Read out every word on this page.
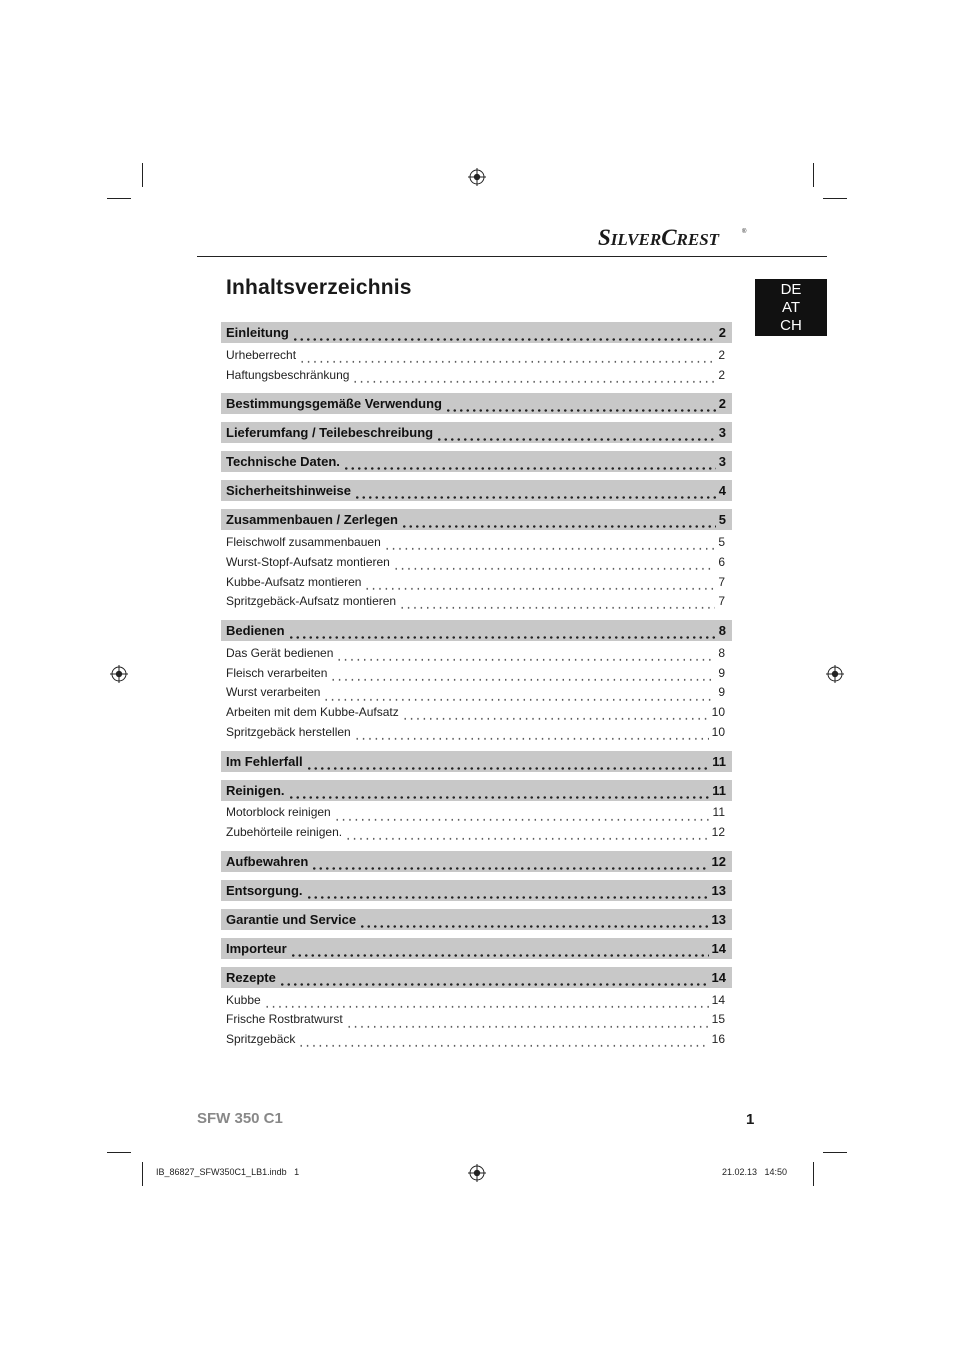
SILVERCREST	®
Inhaltsverzeichnis	DE
AT
CH
Einleitung	2
Urheberrecht	2
Haftungsbeschränkung	2
Bestimmungsgemäße Verwendung	2
Lieferumfang / Teilebeschreibung	3
Technische Daten.	3
Sicherheitshinweise	4
Zusammenbauen / Zerlegen	5
Fleischwolf zusammenbauen	5
Wurst-Stopf-Aufsatz montieren	6
Kubbe-Aufsatz montieren	7
Spritzgebäck-Aufsatz montieren	7
Bedienen	8
Das Gerät bedienen	8
Fleisch verarbeiten	9
Wurst verarbeiten	9
Arbeiten mit dem Kubbe-Aufsatz	10
Spritzgebäck herstellen	10
Im Fehlerfall	11
Reinigen.	11
Motorblock reinigen	11
Zubehörteile reinigen.	12
Aufbewahren	12
Entsorgung.	13
Garantie und Service	13
Importeur	14
Rezepte	14
Kubbe	14
Frische Rostbratwurst	15
Spritzgebäck	16
SFW 350 C1	1
IB_86827_SFW350C1_LB1.indb   1	21.02.13   14:50
